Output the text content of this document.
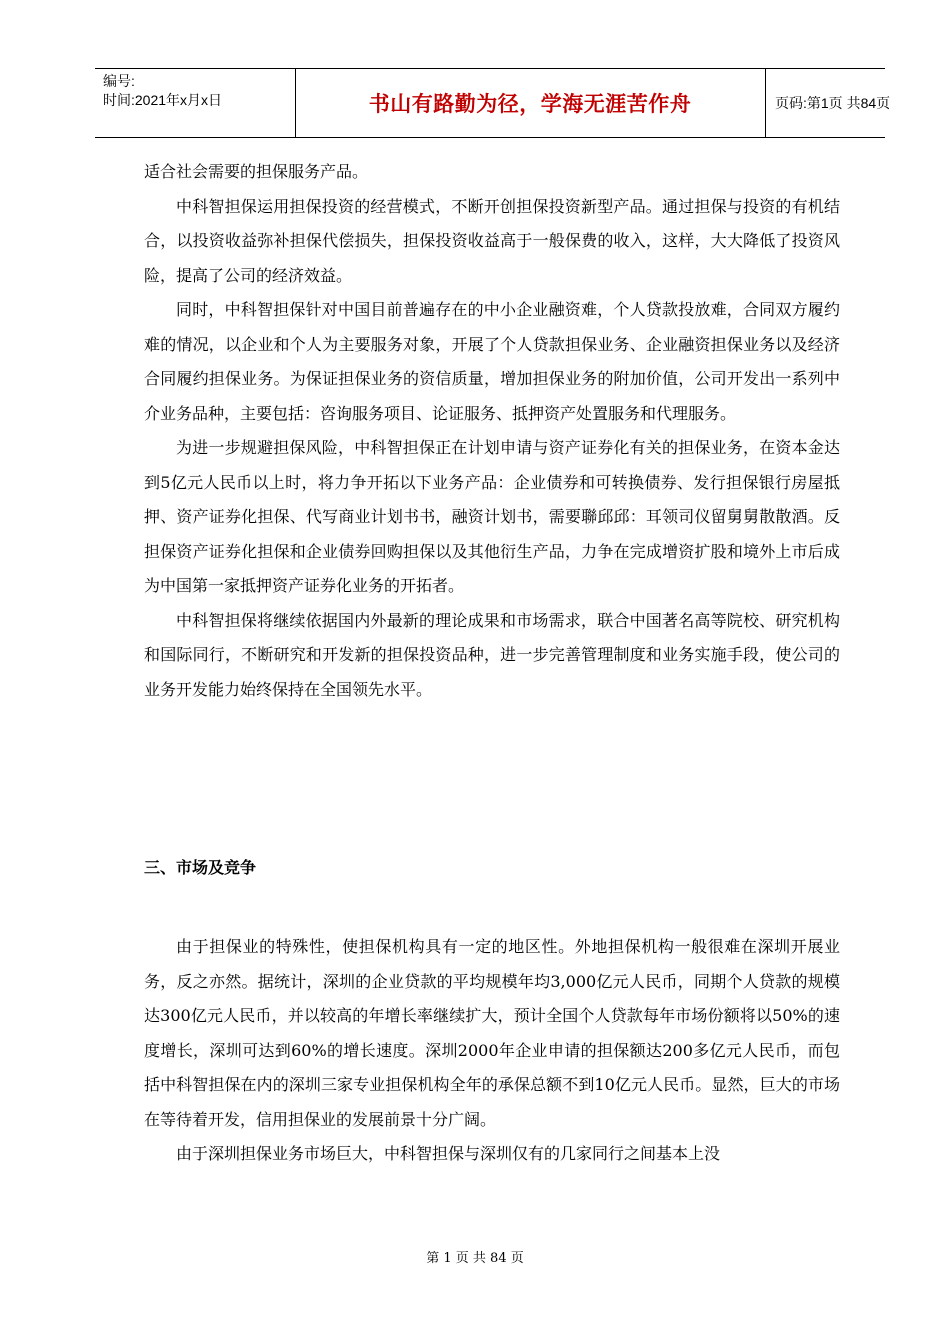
编号:
时间:2021年x月x日	书山有路勤为径，学海无涯苦作舟	页码:第1页 共84页

适合社会需要的担保服务产品。

中科智担保运用担保投资的经营模式，不断开创担保投资新型产品。通过担保与投资的有机结合，以投资收益弥补担保代偿损失，担保投资收益高于一般保费的收入，这样，大大降低了投资风险，提高了公司的经济效益。

同时，中科智担保针对中国目前普遍存在的中小企业融资难，个人贷款投放难，合同双方履约难的情况，以企业和个人为主要服务对象，开展了个人贷款担保业务、企业融资担保业务以及经济合同履约担保业务。为保证担保业务的资信质量，增加担保业务的附加价值，公司开发出一系列中介业务品种，主要包括：咨询服务项目、论证服务、抵押资产处置服务和代理服务。

为进一步规避担保风险，中科智担保正在计划申请与资产证券化有关的担保业务，在资本金达到5亿元人民币以上时，将力争开拓以下业务产品：企业债券和可转换债券、发行担保银行房屋抵押、资产证券化担保、代写商业计划书书，融资计划书，需要聯邱邱：耳领司仪留舅舅散散酒。反担保资产证券化担保和企业债券回购担保以及其他衍生产品，力争在完成增资扩股和境外上市后成为中国第一家抵押资产证券化业务的开拓者。

中科智担保将继续依据国内外最新的理论成果和市场需求，联合中国著名高等院校、研究机构和国际同行，不断研究和开发新的担保投资品种，进一步完善管理制度和业务实施手段，使公司的业务开发能力始终保持在全国领先水平。

三、市场及竞争

由于担保业的特殊性，使担保机构具有一定的地区性。外地担保机构一般很难在深圳开展业务，反之亦然。据统计，深圳的企业贷款的平均规模年均3,000亿元人民币，同期个人贷款的规模达300亿元人民币，并以较高的年增长率继续扩大，预计全国个人贷款每年市场份额将以50%的速度增长，深圳可达到60%的增长速度。深圳2000年企业申请的担保额达200多亿元人民币，而包括中科智担保在内的深圳三家专业担保机构全年的承保总额不到10亿元人民币。显然，巨大的市场在等待着开发，信用担保业的发展前景十分广阔。

由于深圳担保业务市场巨大，中科智担保与深圳仅有的几家同行之间基本上没

第 1 页 共 84 页
